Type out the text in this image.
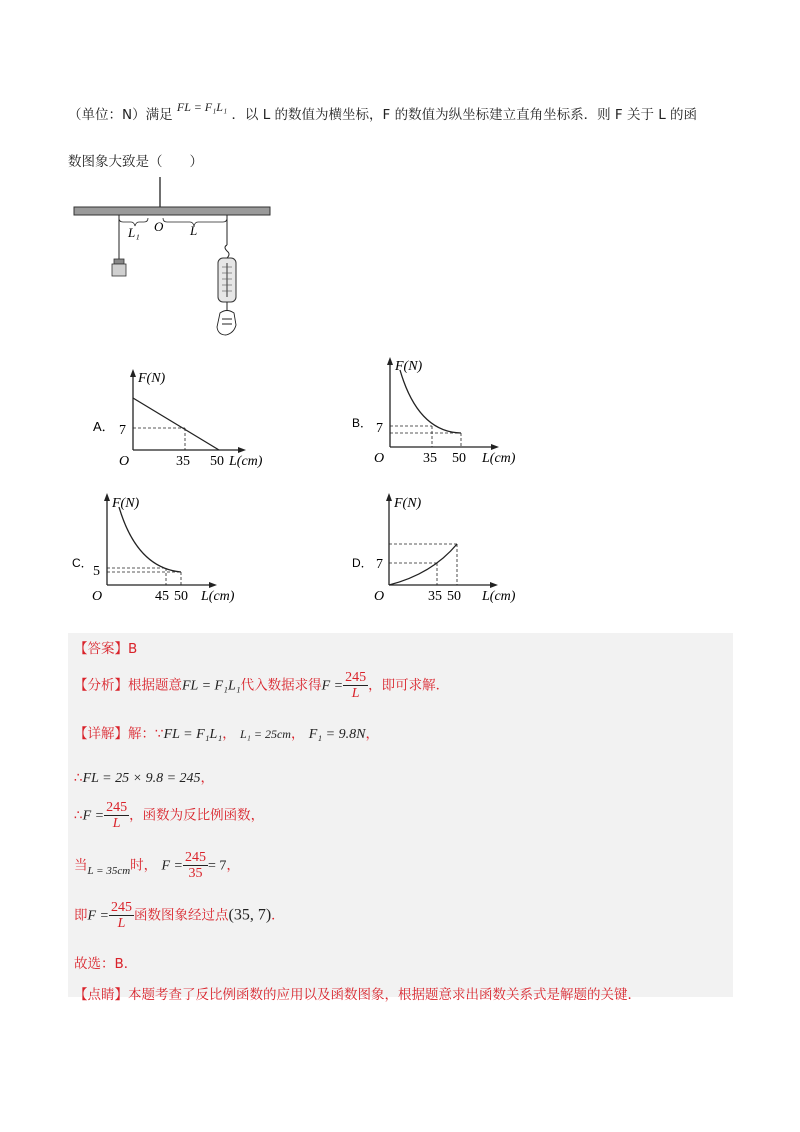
（单位：N）满足 FL = F₁L₁ ．以 L 的数值为横坐标，F 的数值为纵坐标建立直角坐标系．则 F 关于 L 的函
数图象大致是（　　）
L₁ O L
A．
F(N)
7
O	35 50 L(cm)
B．
F(N)
7
O	35 50 L(cm)
C．
F(N)
5
O	45 50 L(cm)
D．
F(N)
7
O	35 50 L(cm)
【答案】B
【分析】根据题意FL = F₁L₁代入数据求得$F = \frac{245}{L}$ ，即可求解．
【详解】解：∵FL = F₁L₁， L₁ = 25cm， F₁ = 9.8N，
∴FL = 25 × 9.8 = 245，
∴F = $\frac{245}{L}$ ，函数为反比例函数，
当$_{L = 35cm}$时， $F = \frac{245}{35} = 7$，
即$F = \frac{245}{L}$ 函数图象经过点(35, 7)．
故选：B．
【点睛】本题考查了反比例函数的应用以及函数图象，根据题意求出函数关系式是解题的关键．
